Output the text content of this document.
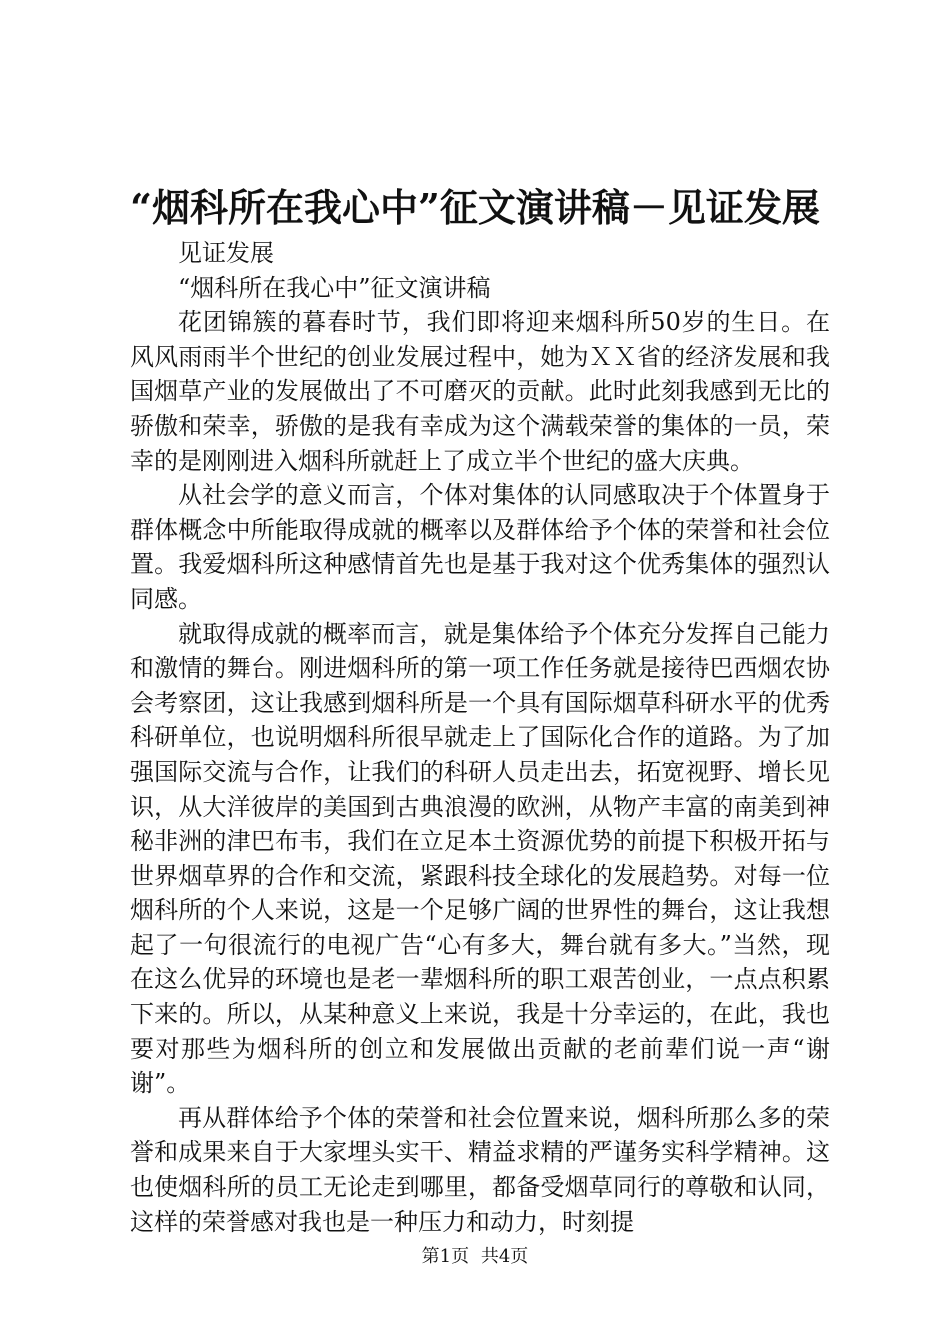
“烟科所在我心中”征文演讲稿－见证发展

见证发展

“烟科所在我心中”征文演讲稿

花团锦簇的暮春时节，我们即将迎来烟科所50岁的生日。在风风雨雨半个世纪的创业发展过程中，她为ＸＸ省的经济发展和我国烟草产业的发展做出了不可磨灭的贡献。此时此刻我感到无比的骄傲和荣幸，骄傲的是我有幸成为这个满载荣誉的集体的一员，荣幸的是刚刚进入烟科所就赶上了成立半个世纪的盛大庆典。

从社会学的意义而言，个体对集体的认同感取决于个体置身于群体概念中所能取得成就的概率以及群体给予个体的荣誉和社会位置。我爱烟科所这种感情首先也是基于我对这个优秀集体的强烈认同感。

就取得成就的概率而言，就是集体给予个体充分发挥自己能力和激情的舞台。刚进烟科所的第一项工作任务就是接待巴西烟农协会考察团，这让我感到烟科所是一个具有国际烟草科研水平的优秀科研单位，也说明烟科所很早就走上了国际化合作的道路。为了加强国际交流与合作，让我们的科研人员走出去，拓宽视野、增长见识，从大洋彼岸的美国到古典浪漫的欧洲，从物产丰富的南美到神秘非洲的津巴布韦，我们在立足本土资源优势的前提下积极开拓与世界烟草界的合作和交流，紧跟科技全球化的发展趋势。对每一位烟科所的个人来说，这是一个足够广阔的世界性的舞台，这让我想起了一句很流行的电视广告“心有多大，舞台就有多大。”当然，现在这么优异的环境也是老一辈烟科所的职工艰苦创业，一点点积累下来的。所以，从某种意义上来说，我是十分幸运的，在此，我也要对那些为烟科所的创立和发展做出贡献的老前辈们说一声“谢谢”。

再从群体给予个体的荣誉和社会位置来说，烟科所那么多的荣誉和成果来自于大家埋头实干、精益求精的严谨务实科学精神。这也使烟科所的员工无论走到哪里，都备受烟草同行的尊敬和认同，这样的荣誉感对我也是一种压力和动力，时刻提

第1页 共4页
